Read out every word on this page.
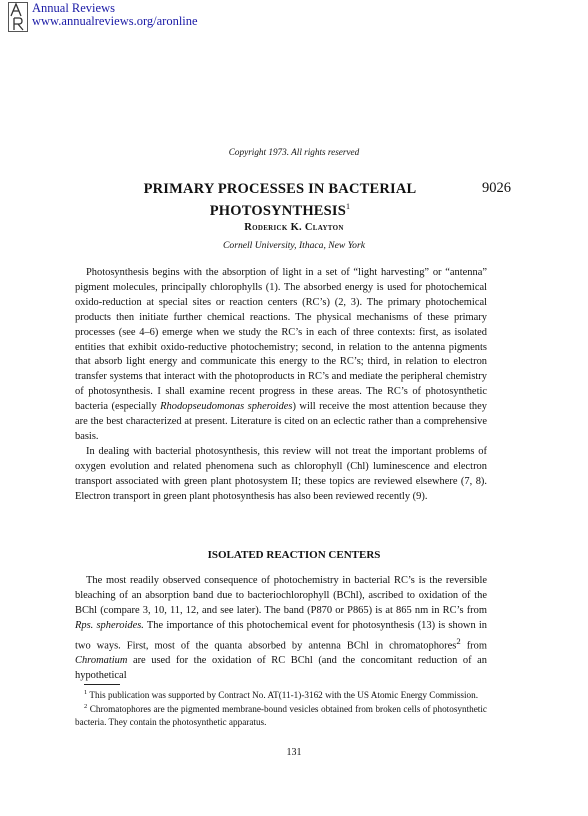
Annual Reviews
www.annualreviews.org/aronline
Copyright 1973. All rights reserved
PRIMARY PROCESSES IN BACTERIAL
PHOTOSYNTHESIS$^1$
9026
Roderick K. Clayton
Cornell University, Ithaca, New York

Photosynthesis begins with the absorption of light in a set of “light harvesting” or “antenna” pigment molecules, principally chlorophylls (1). The absorbed energy is used for photochemical oxido-reduction at special sites or reaction centers (RC’s) (2, 3). The primary photochemical products then initiate further chemical reactions. The physical mechanisms of these primary processes (see 4–6) emerge when we study the RC’s in each of three contexts: first, as isolated entities that exhibit oxido-reductive photochemistry; second, in relation to the antenna pigments that absorb light energy and communicate this energy to the RC’s; third, in relation to electron transfer systems that interact with the photoproducts in RC’s and mediate the peripheral chemistry of photosynthesis. I shall examine recent progress in these areas. The RC’s of photosynthetic bacteria (especially Rhodopseudomonas spheroides) will receive the most attention because they are the best characterized at present. Literature is cited on an eclectic rather than a comprehensive basis.

In dealing with bacterial photosynthesis, this review will not treat the important problems of oxygen evolution and related phenomena such as chlorophyll (Chl) luminescence and electron transport associated with green plant photosystem II; these topics are reviewed elsewhere (7, 8). Electron transport in green plant photosynthesis has also been reviewed recently (9).

ISOLATED REACTION CENTERS

The most readily observed consequence of photochemistry in bacterial RC’s is the reversible bleaching of an absorption band due to bacteriochlorophyll (BChl), ascribed to oxidation of the BChl (compare 3, 10, 11, 12, and see later). The band (P870 or P865) is at 865 nm in RC’s from Rps. spheroides. The importance of this photochemical event for photosynthesis (13) is shown in two ways. First, most of the quanta absorbed by antenna BChl in chromatophores$^2$ from Chromatium are used for the oxidation of RC BChl (and the concomitant reduction of an hypothetical

$^1$ This publication was supported by Contract No. AT(11-1)-3162 with the US Atomic Energy Commission.

$^2$ Chromatophores are the pigmented membrane-bound vesicles obtained from broken cells of photosynthetic bacteria. They contain the photosynthetic apparatus.

131
